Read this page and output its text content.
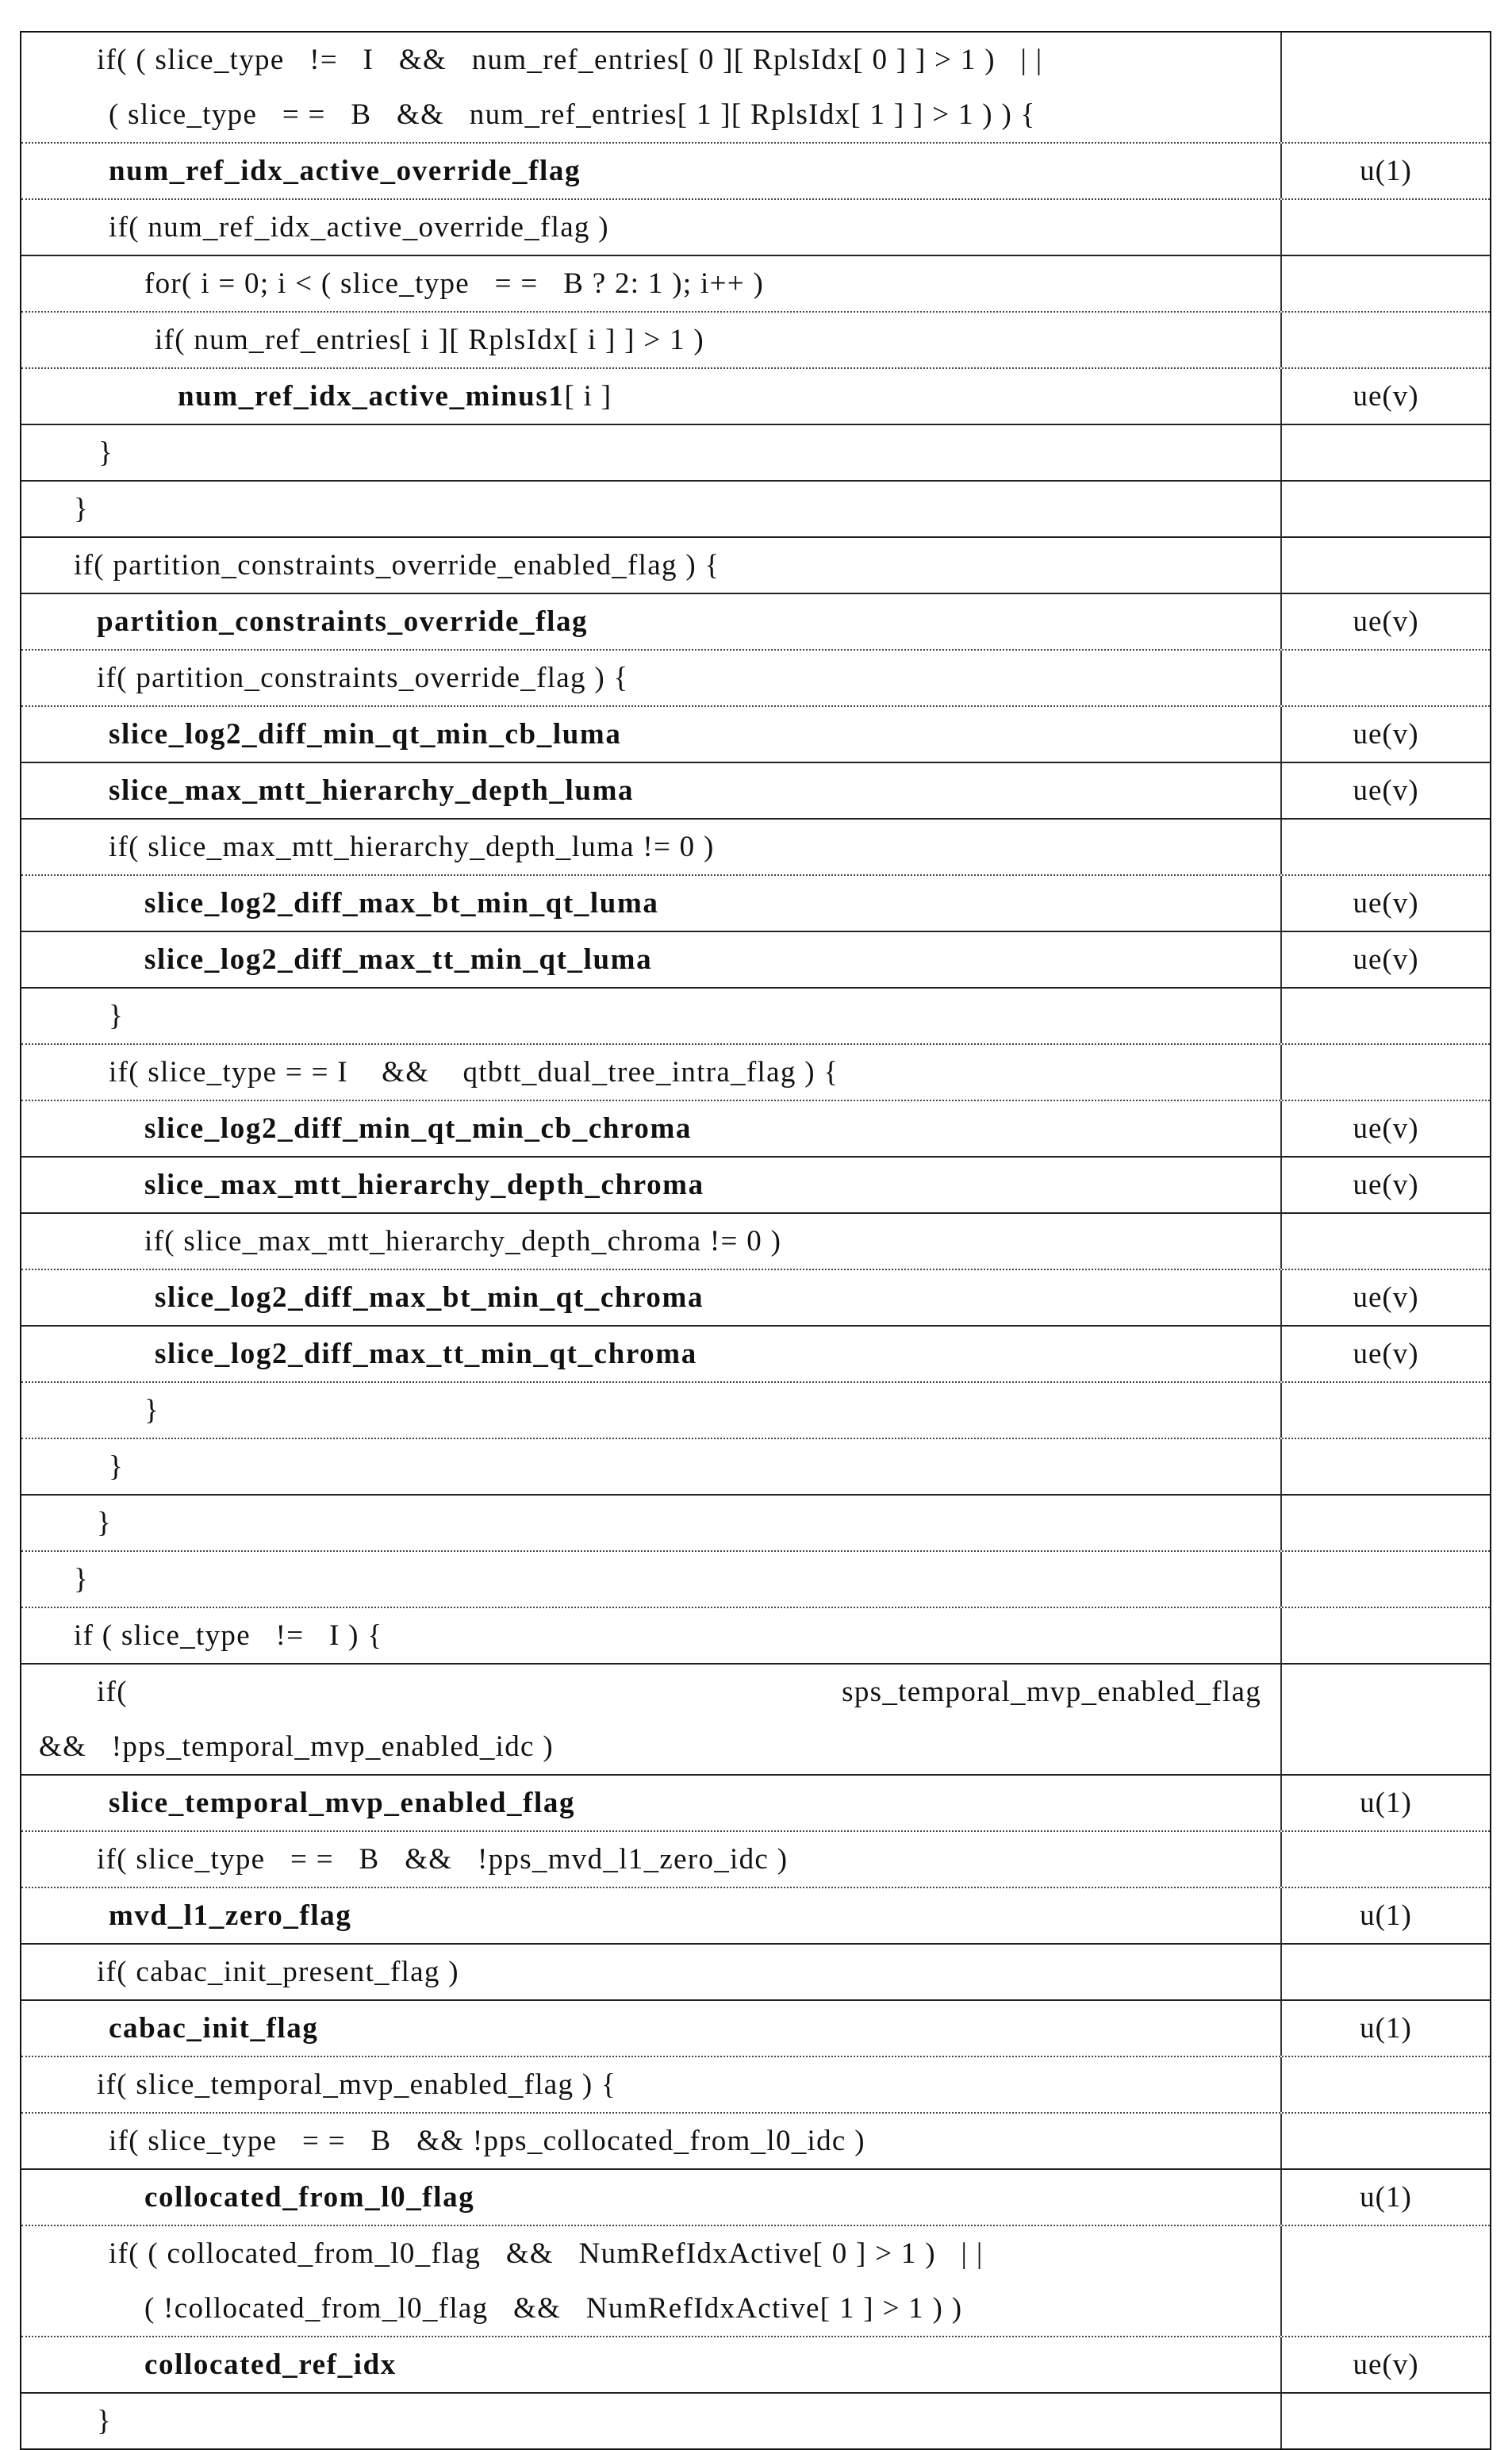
if( ( slice_type   !=   I   &&   num_ref_entries[ 0 ][ RplsIdx[ 0 ] ] > 1 )   | |
( slice_type   = =   B   &&   num_ref_entries[ 1 ][ RplsIdx[ 1 ] ] > 1 ) ) {
num_ref_idx_active_override_flag	u(1)
if( num_ref_idx_active_override_flag )
for( i = 0; i < ( slice_type   = =   B ? 2: 1 ); i++ )
if( num_ref_entries[ i ][ RplsIdx[ i ] ] > 1 )
num_ref_idx_active_minus1 [ i ]	ue(v)
}
}
if( partition_constraints_override_enabled_flag ) {
partition_constraints_override_flag	ue(v)
if( partition_constraints_override_flag ) {
slice_log2_diff_min_qt_min_cb_luma	ue(v)
slice_max_mtt_hierarchy_depth_luma	ue(v)
if( slice_max_mtt_hierarchy_depth_luma != 0 )
slice_log2_diff_max_bt_min_qt_luma	ue(v)
slice_log2_diff_max_tt_min_qt_luma	ue(v)
}
if( slice_type = = I    &&    qtbtt_dual_tree_intra_flag ) {
slice_log2_diff_min_qt_min_cb_chroma	ue(v)
slice_max_mtt_hierarchy_depth_chroma	ue(v)
if( slice_max_mtt_hierarchy_depth_chroma != 0 )
slice_log2_diff_max_bt_min_qt_chroma	ue(v)
slice_log2_diff_max_tt_min_qt_chroma	ue(v)
}
}
}
}
if ( slice_type   !=   I ) {
if(	sps_temporal_mvp_enabled_flag
&&   !pps_temporal_mvp_enabled_idc )
slice_temporal_mvp_enabled_flag	u(1)
if( slice_type   = =   B   &&   !pps_mvd_l1_zero_idc )
mvd_l1_zero_flag	u(1)
if( cabac_init_present_flag )
cabac_init_flag	u(1)
if( slice_temporal_mvp_enabled_flag ) {
if( slice_type   = =   B   && !pps_collocated_from_l0_idc )
collocated_from_l0_flag	u(1)
if( ( collocated_from_l0_flag   &&   NumRefIdxActive[ 0 ] > 1 )   | |
( !collocated_from_l0_flag   &&   NumRefIdxActive[ 1 ] > 1 ) )
collocated_ref_idx	ue(v)
}
